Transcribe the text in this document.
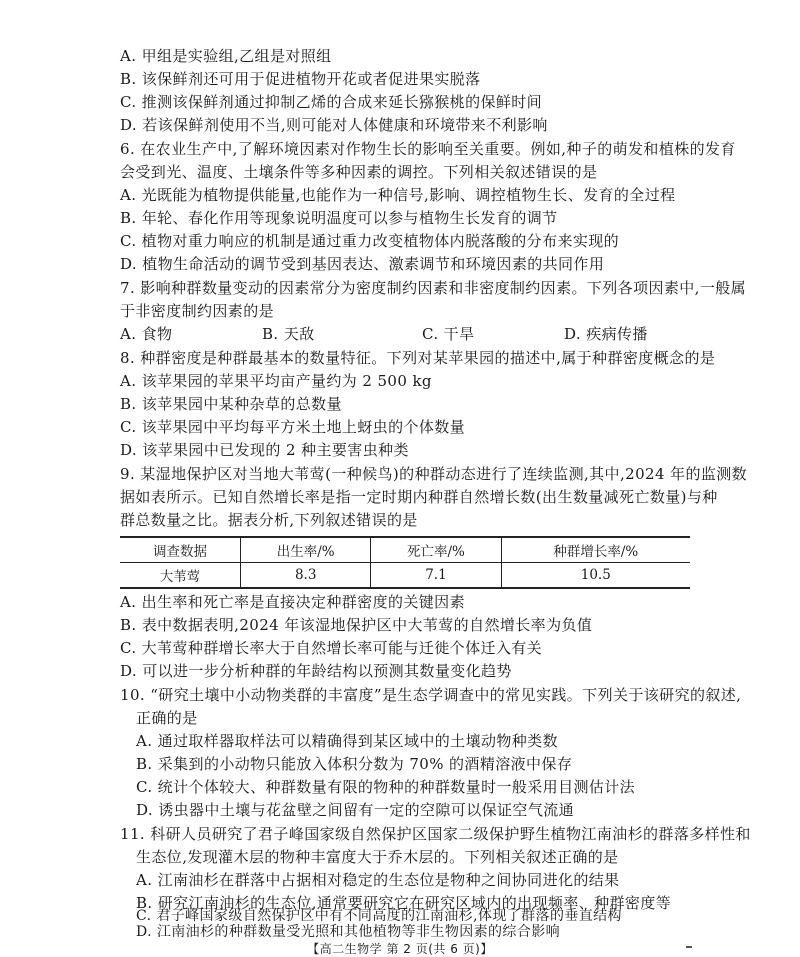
A. 甲组是实验组,乙组是对照组
B. 该保鲜剂还可用于促进植物开花或者促进果实脱落
C. 推测该保鲜剂通过抑制乙烯的合成来延长猕猴桃的保鲜时间
D. 若该保鲜剂使用不当,则可能对人体健康和环境带来不利影响
6. 在农业生产中,了解环境因素对作物生长的影响至关重要。例如,种子的萌发和植株的发育
会受到光、温度、土壤条件等多种因素的调控。下列相关叙述错误的是
A. 光既能为植物提供能量,也能作为一种信号,影响、调控植物生长、发育的全过程
B. 年轮、春化作用等现象说明温度可以参与植物生长发育的调节
C. 植物对重力响应的机制是通过重力改变植物体内脱落酸的分布来实现的
D. 植物生命活动的调节受到基因表达、激素调节和环境因素的共同作用
7. 影响种群数量变动的因素常分为密度制约因素和非密度制约因素。下列各项因素中,一般属
于非密度制约因素的是
A. 食物	B. 天敌	C. 干旱	D. 疾病传播
8. 种群密度是种群最基本的数量特征。下列对某苹果园的描述中,属于种群密度概念的是
A. 该苹果园的苹果平均亩产量约为 2 500 kg
B. 该苹果园中某种杂草的总数量
C. 该苹果园中平均每平方米土地上蚜虫的个体数量
D. 该苹果园中已发现的 2 种主要害虫种类
9. 某湿地保护区对当地大苇莺(一种候鸟)的种群动态进行了连续监测,其中,2024 年的监测数
据如表所示。已知自然增长率是指一定时期内种群自然增长数(出生数量减死亡数量)与种
调查数据	出生率/%	死亡率/%	种群增长率/%
大苇莺	8.3	7.1	10.5
A. 出生率和死亡率是直接决定种群密度的关键因素
B. 表中数据表明,2024 年该湿地保护区中大苇莺的自然增长率为负值
C. 大苇莺种群增长率大于自然增长率可能与迁徙个体迁入有关
D. 可以进一步分析种群的年龄结构以预测其数量变化趋势
10. “研究土壤中小动物类群的丰富度”是生态学调查中的常见实践。下列关于该研究的叙述,
正确的是
A. 通过取样器取样法可以精确得到某区域中的土壤动物种类数
B. 采集到的小动物只能放入体积分数为 70% 的酒精溶液中保存
C. 统计个体较大、种群数量有限的物种的种群数量时一般采用目测估计法
D. 诱虫器中土壤与花盆壁之间留有一定的空隙可以保证空气流通
11. 科研人员研究了君子峰国家级自然保护区国家二级保护野生植物江南油杉的群落多样性和
生态位,发现灌木层的物种丰富度大于乔木层的。下列相关叙述正确的是
A. 江南油杉在群落中占据相对稳定的生态位是物种之间协同进化的结果
B. 研究江南油杉的生态位,通常要研究它在研究区域内的出现频率、种群密度等
C. 君子峰国家级自然保护区中有不同高度的江南油杉,体现了群落的垂直结构
【高二生物学 第 2 页(共 6 页)】
群总数量之比。据表分析,下列叙述错误的是
D. 江南油杉的种群数量受光照和其他植物等非生物因素的综合影响
